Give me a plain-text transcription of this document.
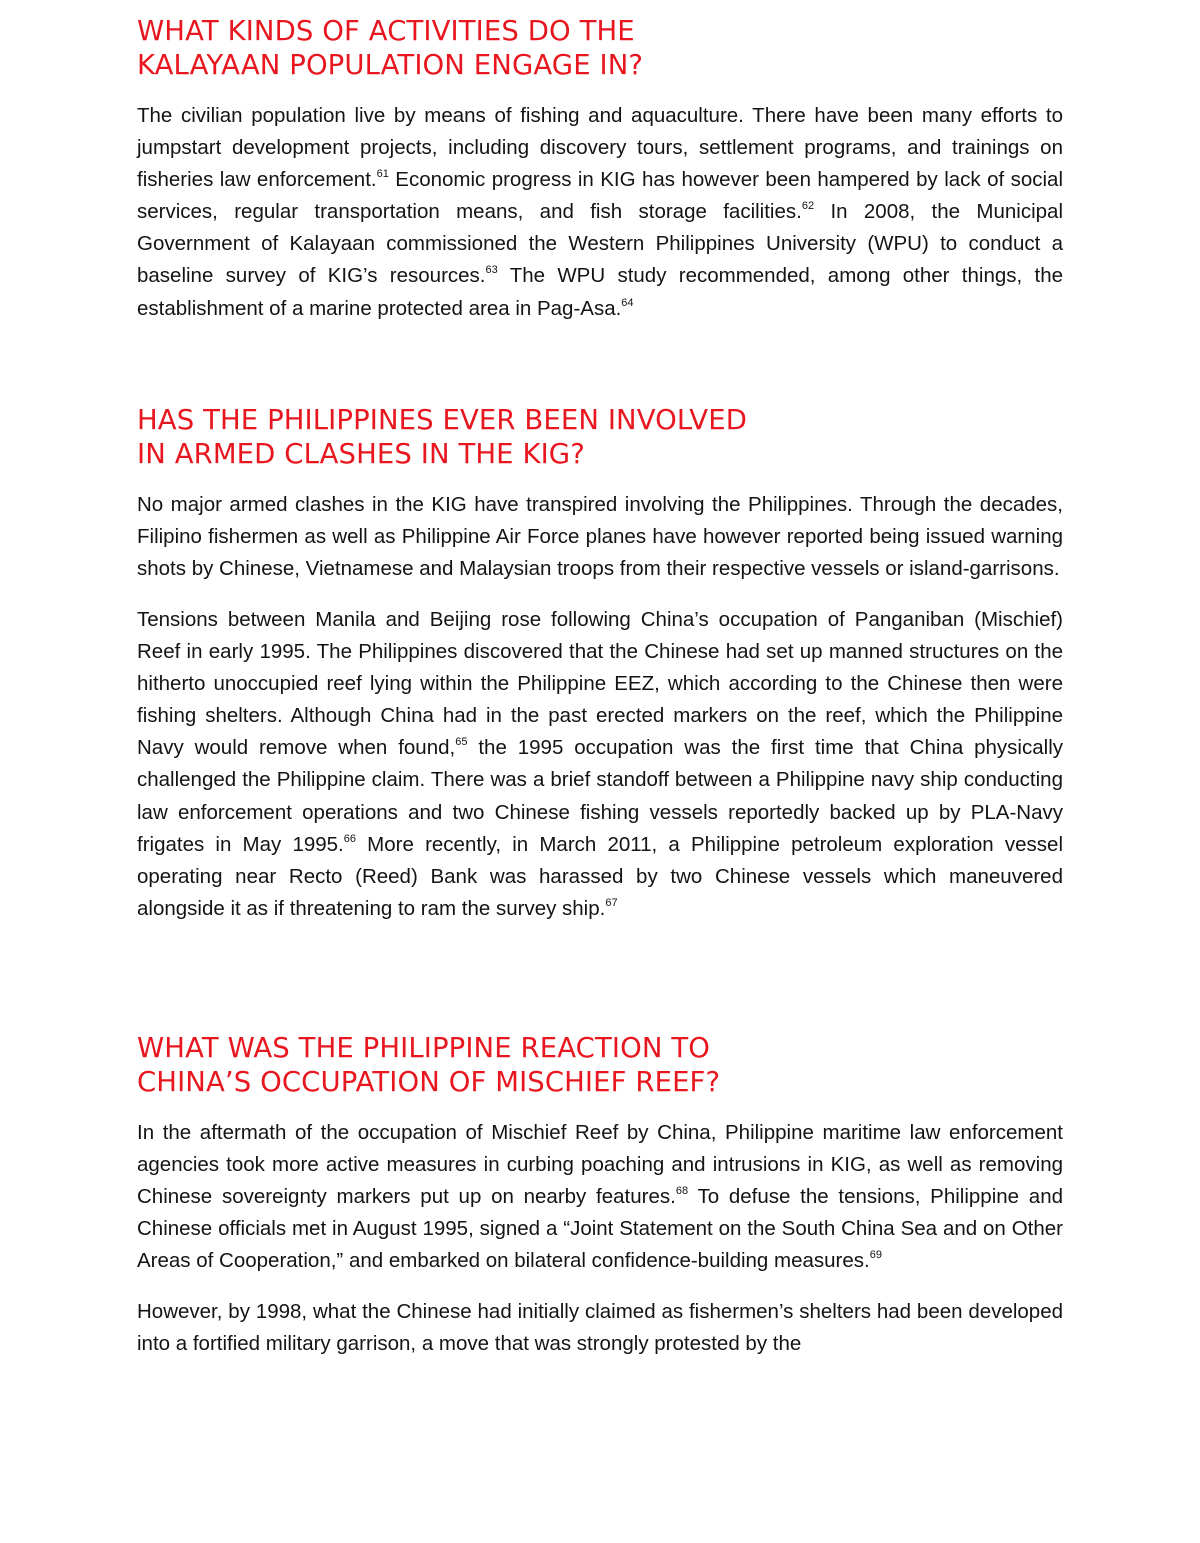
WHAT KINDS OF ACTIVITIES DO THE
KALAYAAN POPULATION ENGAGE IN?

The civilian population live by means of fishing and aquaculture. There have been many efforts to jumpstart development projects, including discovery tours, settlement programs, and trainings on fisheries law enforcement.$^{61}$ Economic progress in KIG has however been hampered by lack of social services, regular transportation means, and fish storage facilities.$^{62}$ In 2008, the Municipal Government of Kalayaan commissioned the Western Philippines University (WPU) to conduct a baseline survey of KIG’s resources.$^{63}$ The WPU study recommended, among other things, the establishment of a marine protected area in Pag-Asa.$^{64}$

HAS THE PHILIPPINES EVER BEEN INVOLVED
IN ARMED CLASHES IN THE KIG?

No major armed clashes in the KIG have transpired involving the Philippines. Through the decades, Filipino fishermen as well as Philippine Air Force planes have however reported being issued warning shots by Chinese, Vietnamese and Malaysian troops from their respective vessels or island-garrisons.

Tensions between Manila and Beijing rose following China’s occupation of Panganiban (Mischief) Reef in early 1995. The Philippines discovered that the Chinese had set up manned structures on the hitherto unoccupied reef lying within the Philippine EEZ, which according to the Chinese then were fishing shelters. Although China had in the past erected markers on the reef, which the Philippine Navy would remove when found,$^{65}$ the 1995 occupation was the first time that China physically challenged the Philippine claim. There was a brief standoff between a Philippine navy ship conducting law enforcement operations and two Chinese fishing vessels reportedly backed up by PLA-Navy frigates in May 1995.66 More recently, in March 2011, a Philippine petroleum exploration vessel operating near Recto (Reed) Bank was harassed by two Chinese vessels which maneuvered alongside it as if threatening to ram the survey ship.$^{67}$

WHAT WAS THE PHILIPPINE REACTION TO
CHINA’S OCCUPATION OF MISCHIEF REEF?

In the aftermath of the occupation of Mischief Reef by China, Philippine maritime law enforcement agencies took more active measures in curbing poaching and intrusions in KIG, as well as removing Chinese sovereignty markers put up on nearby features.$^{68}$ To defuse the tensions, Philippine and Chinese officials met in August 1995, signed a “Joint Statement on the South China Sea and on Other Areas of Cooperation,” and embarked on bilateral confidence-building measures.$^{69}$

However, by 1998, what the Chinese had initially claimed as fishermen’s shelters had been developed into a fortified military garrison, a move that was strongly protested by the
